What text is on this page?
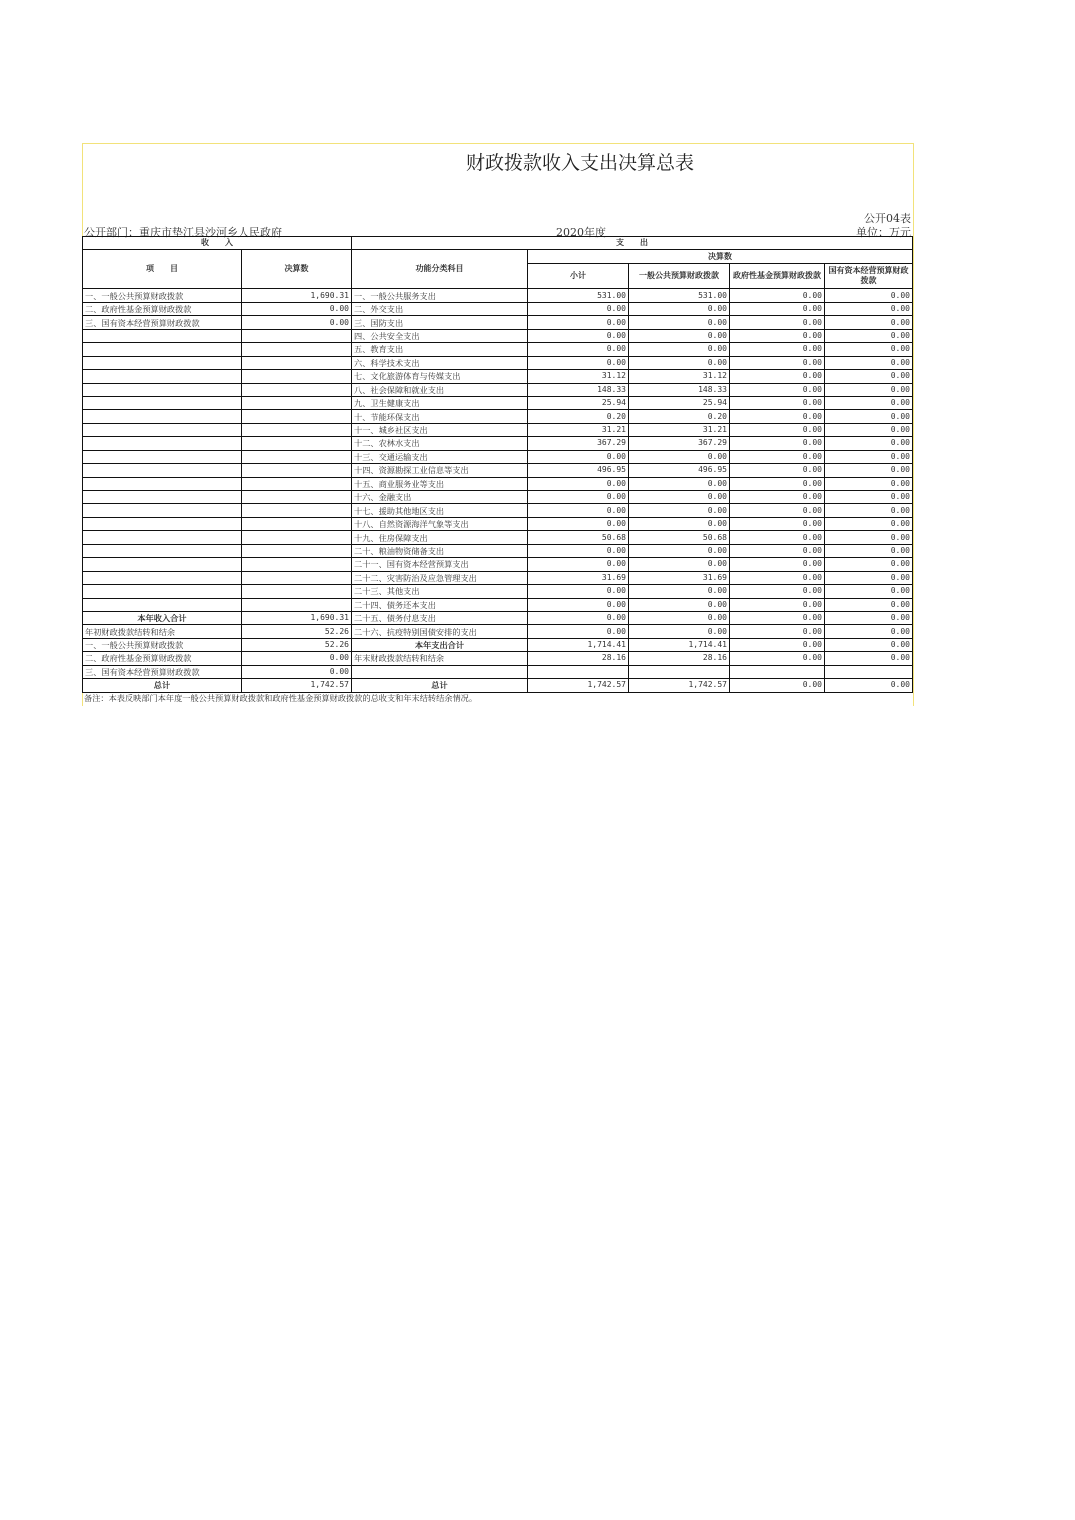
财政拨款收入支出决算总表
公开04表
公开部门：重庆市垫江县沙河乡人民政府	2020年度	单位：万元
收　　入		支　　出				
项　　目	决算数	功能分类科目	决算数			
			小计	一般公共预算财政拨款	政府性基金预算财政拨款	国有资本经营预算财政拨款
一、一般公共预算财政拨款	1,690.31	一、一般公共服务支出	531.00	531.00	0.00	0.00
二、政府性基金预算财政拨款	0.00	二、外交支出	0.00	0.00	0.00	0.00
三、国有资本经营预算财政拨款	0.00	三、国防支出	0.00	0.00	0.00	0.00
		四、公共安全支出	0.00	0.00	0.00	0.00
		五、教育支出	0.00	0.00	0.00	0.00
		六、科学技术支出	0.00	0.00	0.00	0.00
		七、文化旅游体育与传媒支出	31.12	31.12	0.00	0.00
		八、社会保障和就业支出	148.33	148.33	0.00	0.00
		九、卫生健康支出	25.94	25.94	0.00	0.00
		十、节能环保支出	0.20	0.20	0.00	0.00
		十一、城乡社区支出	31.21	31.21	0.00	0.00
		十二、农林水支出	367.29	367.29	0.00	0.00
		十三、交通运输支出	0.00	0.00	0.00	0.00
		十四、资源勘探工业信息等支出	496.95	496.95	0.00	0.00
		十五、商业服务业等支出	0.00	0.00	0.00	0.00
		十六、金融支出	0.00	0.00	0.00	0.00
		十七、援助其他地区支出	0.00	0.00	0.00	0.00
		十八、自然资源海洋气象等支出	0.00	0.00	0.00	0.00
		十九、住房保障支出	50.68	50.68	0.00	0.00
		二十、粮油物资储备支出	0.00	0.00	0.00	0.00
		二十一、国有资本经营预算支出	0.00	0.00	0.00	0.00
		二十二、灾害防治及应急管理支出	31.69	31.69	0.00	0.00
		二十三、其他支出	0.00	0.00	0.00	0.00
		二十四、债务还本支出	0.00	0.00	0.00	0.00
本年收入合计	1,690.31	二十五、债务付息支出	0.00	0.00	0.00	0.00
年初财政拨款结转和结余	52.26	二十六、抗疫特别国债安排的支出	0.00	0.00	0.00	0.00
一、一般公共预算财政拨款	52.26	本年支出合计	1,714.41	1,714.41	0.00	0.00
二、政府性基金预算财政拨款	0.00	年末财政拨款结转和结余	28.16	28.16	0.00	0.00
三、国有资本经营预算财政拨款	0.00					
总计	1,742.57	总计	1,742.57	1,742.57	0.00	0.00
备注：本表反映部门本年度一般公共预算财政拨款和政府性基金预算财政拨款的总收支和年末结转结余情况。
